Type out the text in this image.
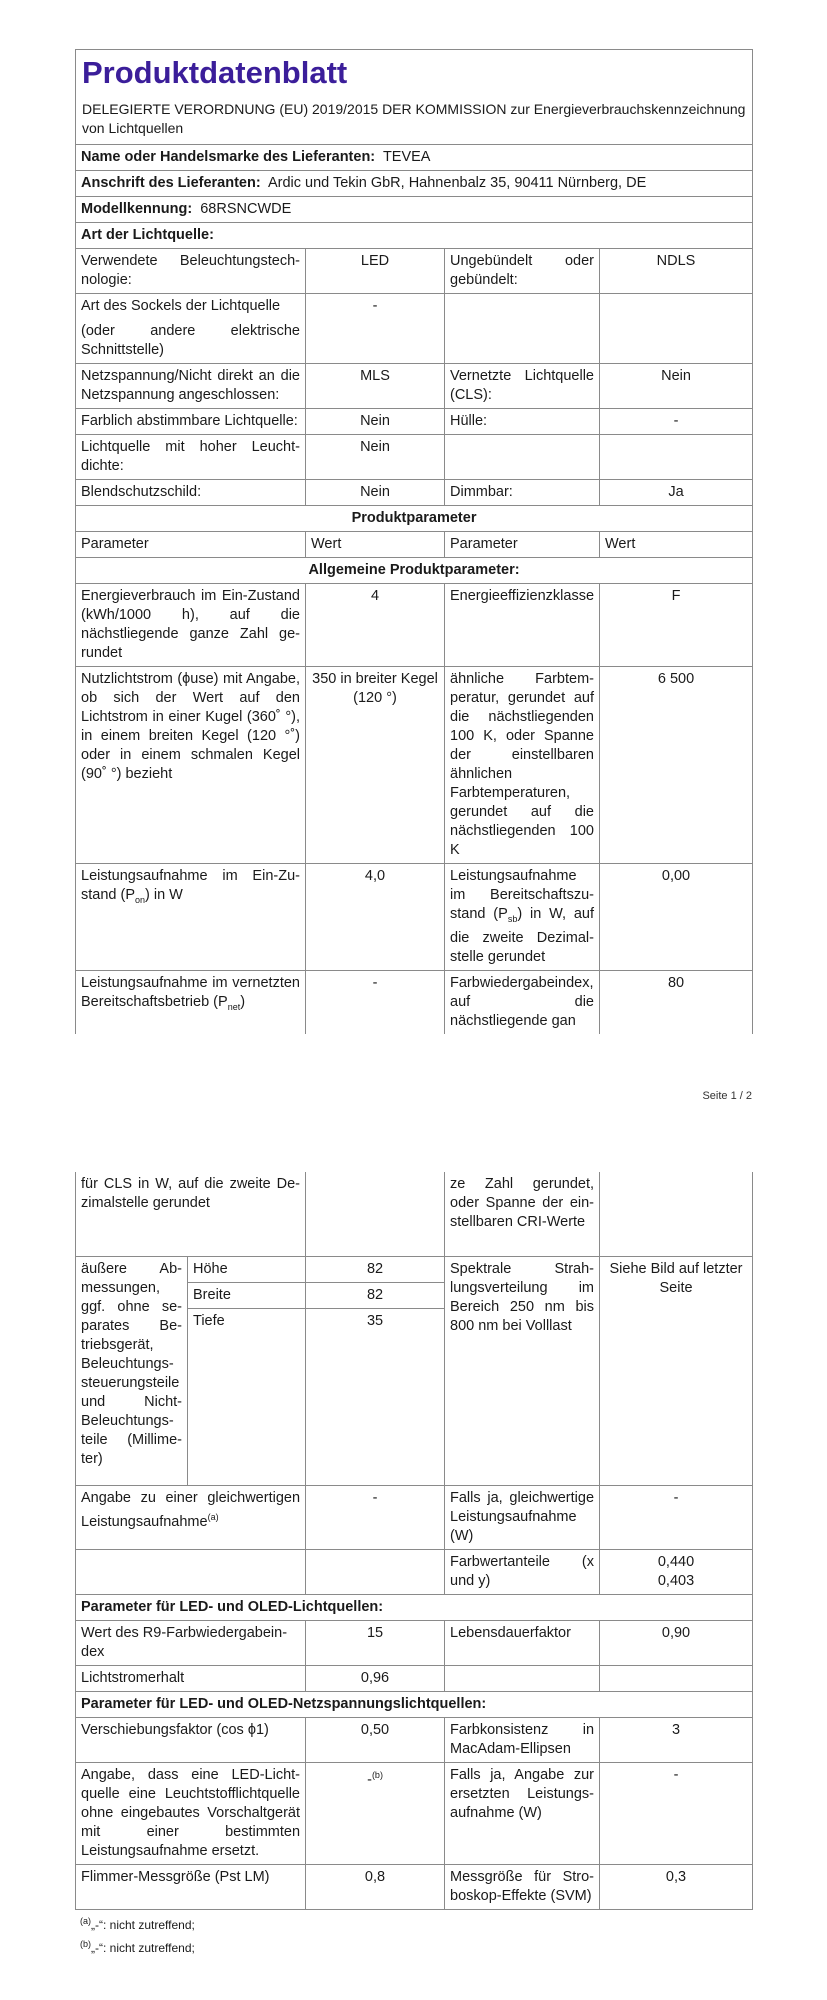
Produktdatenblatt
DELEGIERTE VERORDNUNG (EU) 2019/2015 DER KOMMISSION zur Energieverbrauchskennzeichnung von Lichtquellen			

Name oder Handelsmarke des Lieferanten: TEVEA			
Anschrift des Lieferanten: Ardic und Tekin GbR, Hahnenbalz 35, 90411 Nürnberg, DE			
Modellkennung: 68RSNCWDE			
Art der Lichtquelle:			
Verwendete Beleuchtungstechnologie:	LED	Ungebündelt oder gebündelt:	NDLS

Art des Sockels der Lichtquelle
(oder andere elektrische Schnittstelle)	-		
Netzspannung/Nicht direkt an die Netzspannung angeschlossen:	MLS	Vernetzte Lichtquelle (CLS):	Nein
Farblich abstimmbare Lichtquelle:	Nein	Hülle:	-
Lichtquelle mit hoher Leuchtdichte:	Nein		
Blendschutzschild:	Nein	Dimmbar:	Ja
Produktparameter			
Parameter	Wert	Parameter	Wert
Allgemeine Produktparameter:			
Energieverbrauch im Ein-Zustand (kWh/1000 h), auf die nächstliegende ganze Zahl gerundet	4	Energieeffizienzklasse	F
Nutzlichtstrom (ϕuse) mit Angabe, ob sich der Wert auf den Lichtstrom in einer Kugel (360˚ °), in einem breiten Kegel (120 °˚) oder in einem schmalen Kegel (90˚ °) bezieht	350 in breiter Kegel (120 °)	ähnliche Farbtemperatur, gerundet auf die nächstliegenden 100 K, oder Spanne der einstellbaren ähnlichen Farbtemperaturen, gerundet auf die nächstliegenden 100 K	6 500
Leistungsaufnahme im Ein-Zustand $(P_{on})$ in W	4,0	Leistungsaufnahme im Bereitschaftszustand $(P_{sb})$ in W, auf die zweite Dezimalstelle gerundet	0,00
Leistungsaufnahme im vernetzten Bereitschaftsbetrieb $(P_{net})$	-	Farbwiedergabeindex, auf die nächstliegende gan	80
Seite 1 / 2
für CLS in W, auf die zweite Dezimalstelle gerundet			ze Zahl gerundet, oder Spanne der einstellbaren CRI-Werte	
äußere Abmessungen, ggf. ohne separates Betriebsgerät, Beleuchtungssteuerungsteile und Nicht-Beleuchtungsteile (Millimeter)	Höhe	82	Spektrale Strahlungsverteilung im Bereich 250 nm bis 800 nm bei Volllast	Siehe Bild auf letzter Seite
	Breite	82		
	Tiefe	35		
Angabe zu einer gleichwertigen Leistungsaufnahme$^{(a)}$		-	Falls ja, gleichwertige Leistungsaufnahme (W)	-
			Farbwertanteile (x und y)	0,440
0,403

Parameter für LED- und OLED-Lichtquellen:				
Wert des R9-Farbwiedergabeindex		15	Lebensdauerfaktor	0,90
Lichtstromerhalt		0,96		
Parameter für LED- und OLED-Netzspannungslichtquellen:				
Verschiebungsfaktor (cos ϕ1)		0,50	Farbkonsistenz in MacAdam-Ellipsen	3
Angabe, dass eine LED-Lichtquelle eine Leuchtstofflichtquelle ohne eingebautes Vorschaltgerät mit einer bestimmten Leistungsaufnahme ersetzt.		-$^{(b)}$	Falls ja, Angabe zur ersetzten Leistungsaufnahme (W)	-
Flimmer-Messgröße (Pst LM)		0,8	Messgröße für Stroboskop-Effekte (SVM)	0,3
$^{(a)}$„-“: nicht zutreffend;
$^{(b)}$„-“: nicht zutreffend;
